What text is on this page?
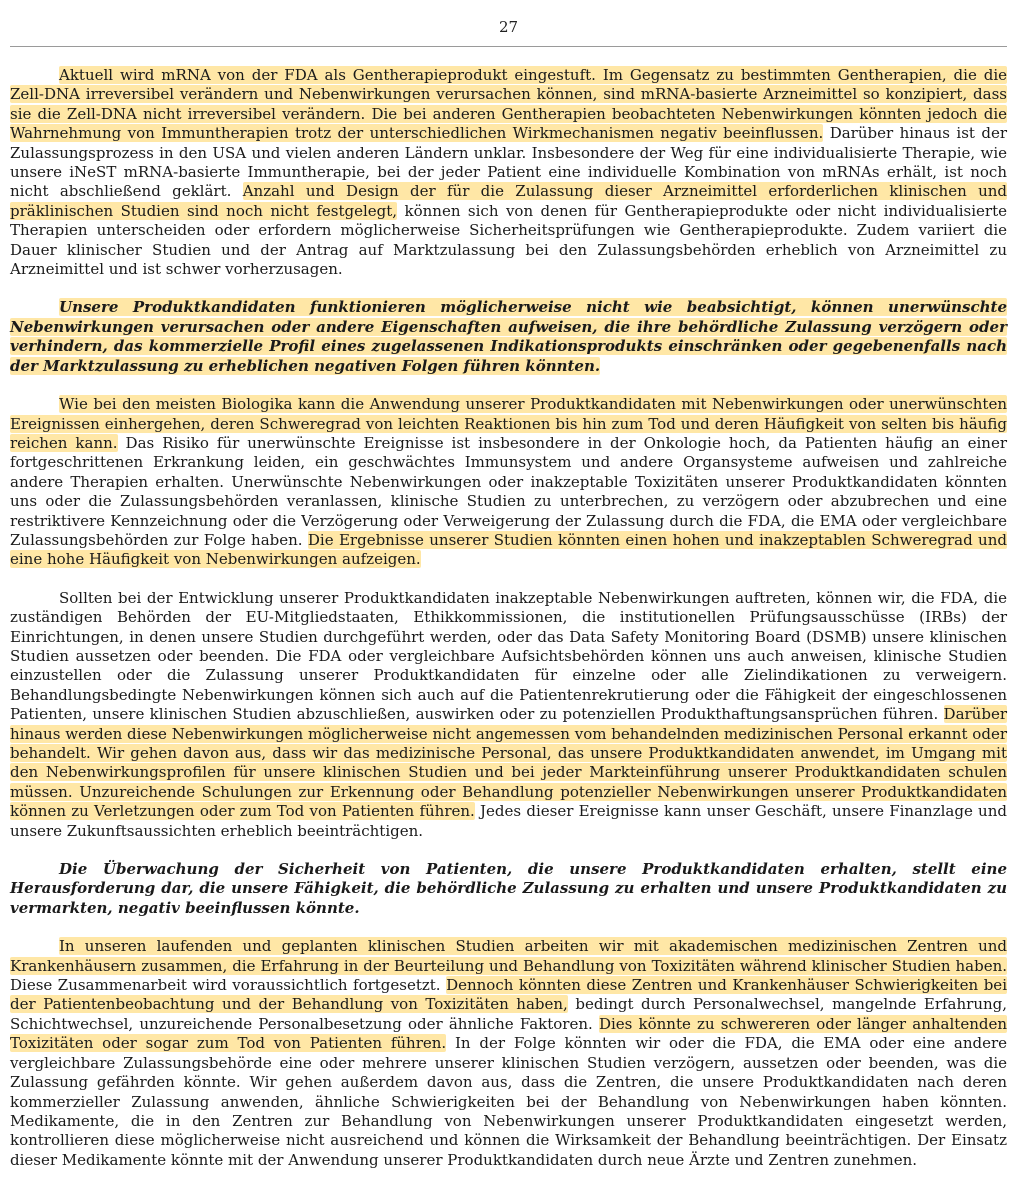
27

Aktuell wird mRNA von der FDA als Gentherapieprodukt eingestuft. Im Gegensatz zu bestimmten Gentherapien, die die Zell-DNA irreversibel verändern und Nebenwirkungen verursachen können, sind mRNA-basierte Arzneimittel so konzipiert, dass sie die Zell-DNA nicht irreversibel verändern. Die bei anderen Gentherapien beobachteten Nebenwirkungen könnten jedoch die Wahrnehmung von Immuntherapien trotz der unterschiedlichen Wirkmechanismen negativ beeinflussen. Darüber hinaus ist der Zulassungsprozess in den USA und vielen anderen Ländern unklar. Insbesondere der Weg für eine individualisierte Therapie, wie unsere iNeST mRNA-basierte Immuntherapie, bei der jeder Patient eine individuelle Kombination von mRNAs erhält, ist noch nicht abschließend geklärt. Anzahl und Design der für die Zulassung dieser Arzneimittel erforderlichen klinischen und präklinischen Studien sind noch nicht festgelegt, können sich von denen für Gentherapieprodukte oder nicht individualisierte Therapien unterscheiden oder erfordern möglicherweise Sicherheitsprüfungen wie Gentherapieprodukte. Zudem variiert die Dauer klinischer Studien und der Antrag auf Marktzulassung bei den Zulassungsbehörden erheblich von Arzneimittel zu Arzneimittel und ist schwer vorherzusagen.

Unsere Produktkandidaten funktionieren möglicherweise nicht wie beabsichtigt, können unerwünschte Nebenwirkungen verursachen oder andere Eigenschaften aufweisen, die ihre behördliche Zulassung verzögern oder verhindern, das kommerzielle Profil eines zugelassenen Indikationsprodukts einschränken oder gegebenenfalls nach der Marktzulassung zu erheblichen negativen Folgen führen könnten.

Wie bei den meisten Biologika kann die Anwendung unserer Produktkandidaten mit Nebenwirkungen oder unerwünschten Ereignissen einhergehen, deren Schweregrad von leichten Reaktionen bis hin zum Tod und deren Häufigkeit von selten bis häufig reichen kann. Das Risiko für unerwünschte Ereignisse ist insbesondere in der Onkologie hoch, da Patienten häufig an einer fortgeschrittenen Erkrankung leiden, ein geschwächtes Immunsystem und andere Organsysteme aufweisen und zahlreiche andere Therapien erhalten. Unerwünschte Nebenwirkungen oder inakzeptable Toxizitäten unserer Produktkandidaten könnten uns oder die Zulassungsbehörden veranlassen, klinische Studien zu unterbrechen, zu verzögern oder abzubrechen und eine restriktivere Kennzeichnung oder die Verzögerung oder Verweigerung der Zulassung durch die FDA, die EMA oder vergleichbare Zulassungsbehörden zur Folge haben. Die Ergebnisse unserer Studien könnten einen hohen und inakzeptablen Schweregrad und eine hohe Häufigkeit von Nebenwirkungen aufzeigen.

Sollten bei der Entwicklung unserer Produktkandidaten inakzeptable Nebenwirkungen auftreten, können wir, die FDA, die zuständigen Behörden der EU-Mitgliedstaaten, Ethikkommissionen, die institutionellen Prüfungsausschüsse (IRBs) der Einrichtungen, in denen unsere Studien durchgeführt werden, oder das Data Safety Monitoring Board (DSMB) unsere klinischen Studien aussetzen oder beenden. Die FDA oder vergleichbare Aufsichtsbehörden können uns auch anweisen, klinische Studien einzustellen oder die Zulassung unserer Produktkandidaten für einzelne oder alle Zielindikationen zu verweigern. Behandlungsbedingte Nebenwirkungen können sich auch auf die Patientenrekrutierung oder die Fähigkeit der eingeschlossenen Patienten, unsere klinischen Studien abzuschließen, auswirken oder zu potenziellen Produkthaftungsansprüchen führen. Darüber hinaus werden diese Nebenwirkungen möglicherweise nicht angemessen vom behandelnden medizinischen Personal erkannt oder behandelt. Wir gehen davon aus, dass wir das medizinische Personal, das unsere Produktkandidaten anwendet, im Umgang mit den Nebenwirkungsprofilen für unsere klinischen Studien und bei jeder Markteinführung unserer Produktkandidaten schulen müssen. Unzureichende Schulungen zur Erkennung oder Behandlung potenzieller Nebenwirkungen unserer Produktkandidaten können zu Verletzungen oder zum Tod von Patienten führen. Jedes dieser Ereignisse kann unser Geschäft, unsere Finanzlage und unsere Zukunftsaussichten erheblich beeinträchtigen.

Die Überwachung der Sicherheit von Patienten, die unsere Produktkandidaten erhalten, stellt eine Herausforderung dar, die unsere Fähigkeit, die behördliche Zulassung zu erhalten und unsere Produktkandidaten zu vermarkten, negativ beeinflussen könnte.

In unseren laufenden und geplanten klinischen Studien arbeiten wir mit akademischen medizinischen Zentren und Krankenhäusern zusammen, die Erfahrung in der Beurteilung und Behandlung von Toxizitäten während klinischer Studien haben. Diese Zusammenarbeit wird voraussichtlich fortgesetzt. Dennoch könnten diese Zentren und Krankenhäuser Schwierigkeiten bei der Patientenbeobachtung und der Behandlung von Toxizitäten haben, bedingt durch Personalwechsel, mangelnde Erfahrung, Schichtwechsel, unzureichende Personalbesetzung oder ähnliche Faktoren. Dies könnte zu schwereren oder länger anhaltenden Toxizitäten oder sogar zum Tod von Patienten führen. In der Folge könnten wir oder die FDA, die EMA oder eine andere vergleichbare Zulassungsbehörde eine oder mehrere unserer klinischen Studien verzögern, aussetzen oder beenden, was die Zulassung gefährden könnte. Wir gehen außerdem davon aus, dass die Zentren, die unsere Produktkandidaten nach deren kommerzieller Zulassung anwenden, ähnliche Schwierigkeiten bei der Behandlung von Nebenwirkungen haben könnten. Medikamente, die in den Zentren zur Behandlung von Nebenwirkungen unserer Produktkandidaten eingesetzt werden, kontrollieren diese möglicherweise nicht ausreichend und können die Wirksamkeit der Behandlung beeinträchtigen. Der Einsatz dieser Medikamente könnte mit der Anwendung unserer Produktkandidaten durch neue Ärzte und Zentren zunehmen.
